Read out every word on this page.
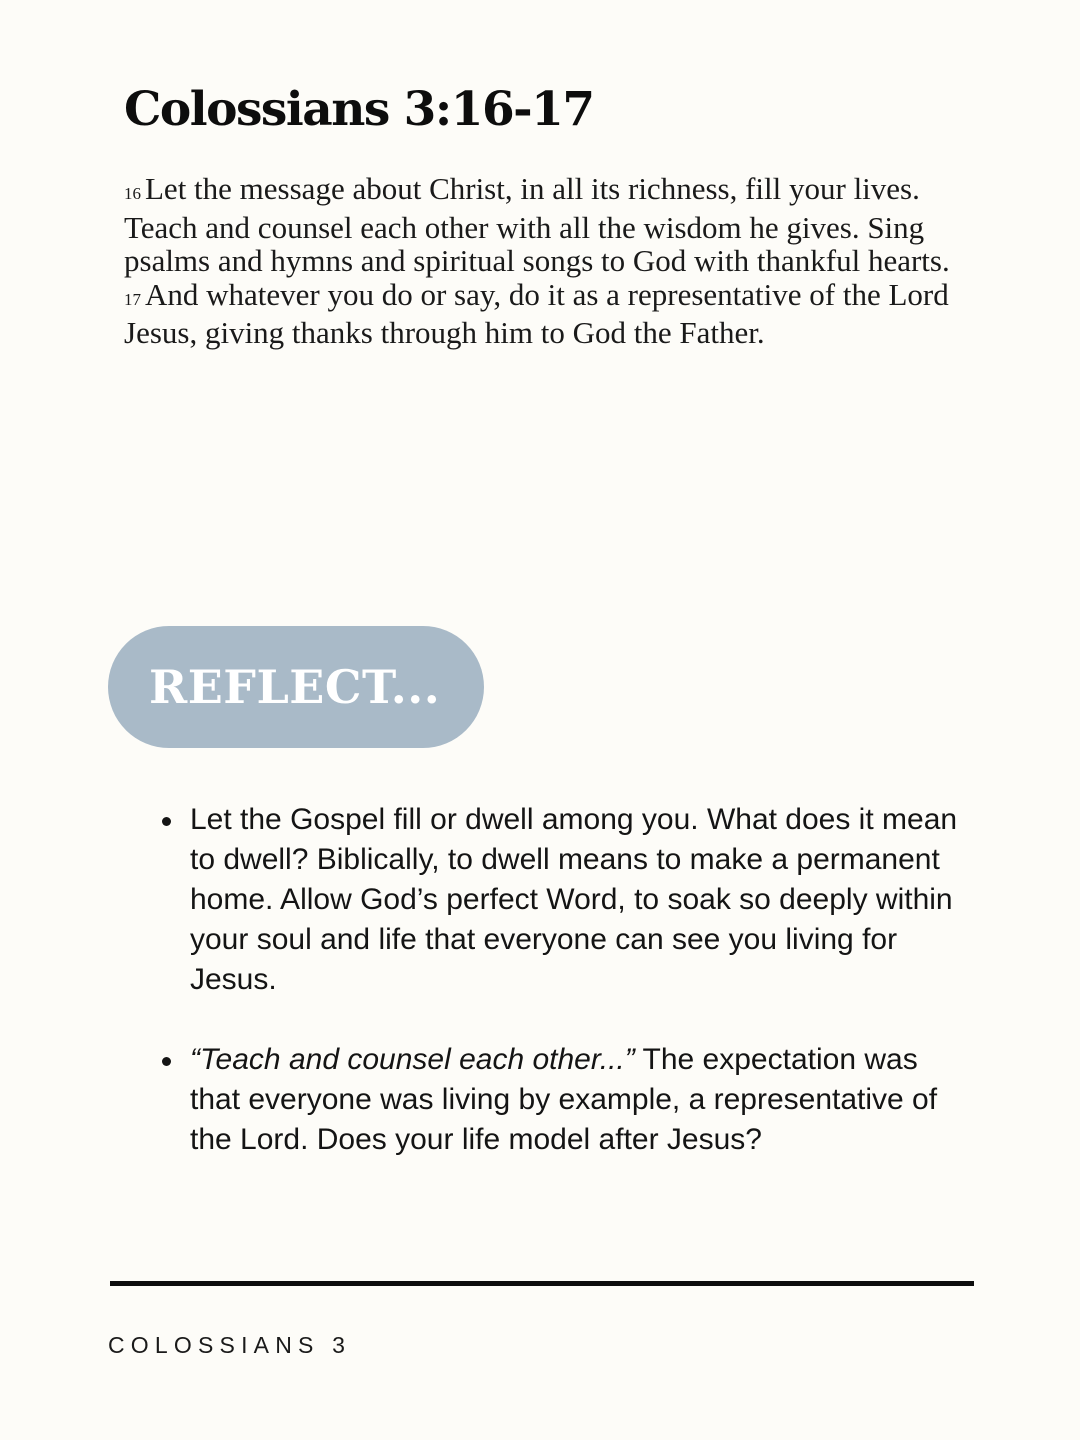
Colossians 3:16-17

16 Let the message about Christ, in all its richness, fill your lives. Teach and counsel each other with all the wisdom he gives. Sing psalms and hymns and spiritual songs to God with thankful hearts. 17 And whatever you do or say, do it as a representative of the Lord Jesus, giving thanks through him to God the Father.

REFLECT...
Let the Gospel fill or dwell among you. What does it mean to dwell? Biblically, to dwell means to make a permanent home. Allow God’s perfect Word, to soak so deeply within your soul and life that everyone can see you living for Jesus.
“Teach and counsel each other...” The expectation was that everyone was living by example, a representative of the Lord. Does your life model after Jesus?
COLOSSIANS 3
